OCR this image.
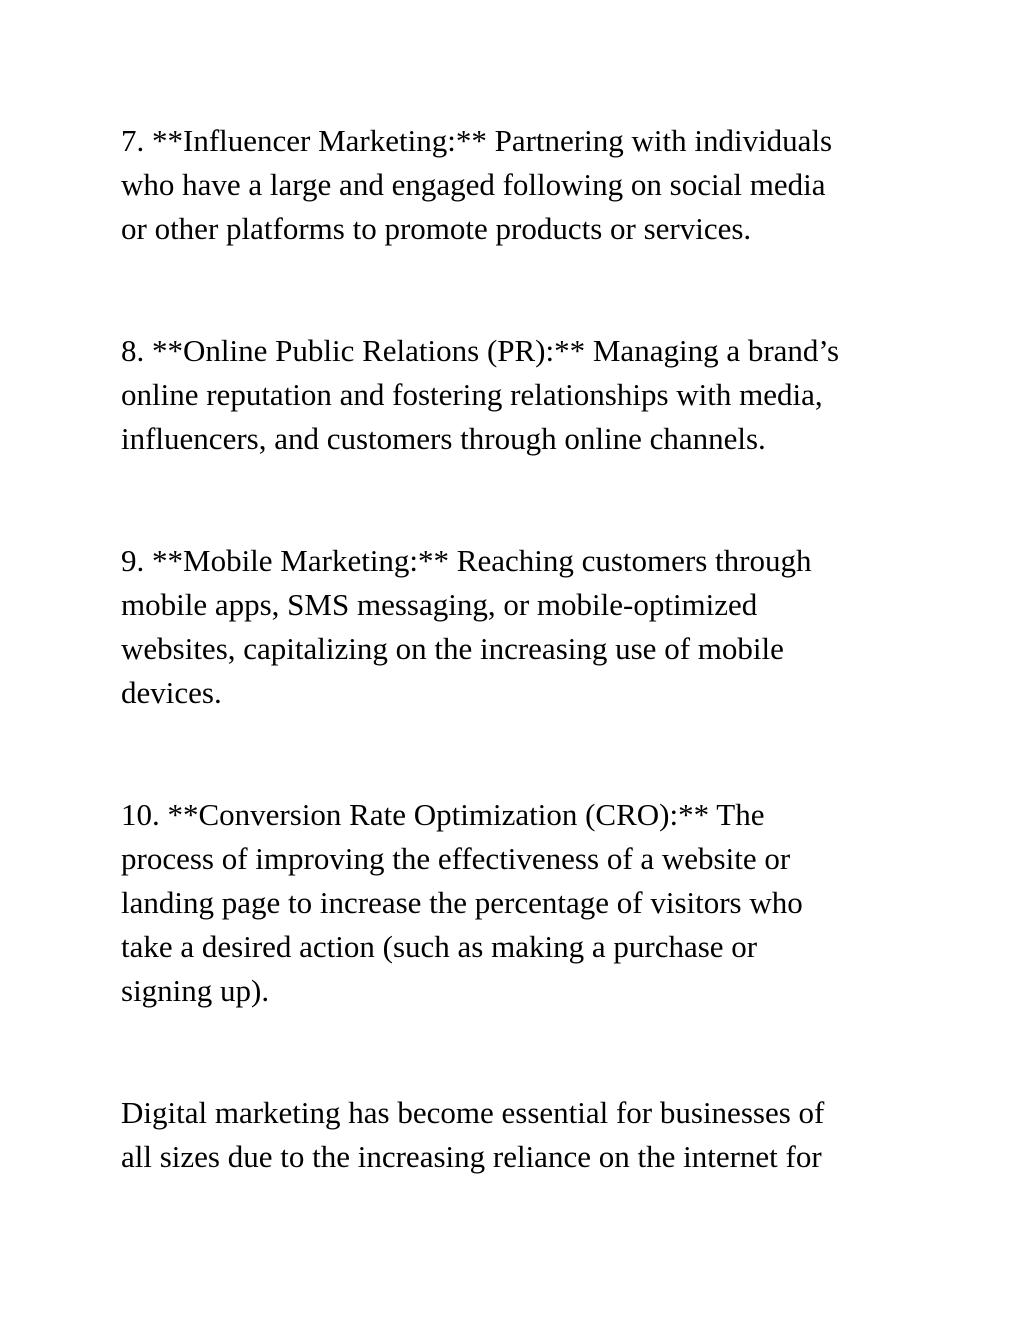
7. **Influencer Marketing:** Partnering with individuals
who have a large and engaged following on social media
or other platforms to promote products or services.

8. **Online Public Relations (PR):** Managing a brand’s
online reputation and fostering relationships with media,
influencers, and customers through online channels.

9. **Mobile Marketing:** Reaching customers through
mobile apps, SMS messaging, or mobile-optimized
websites, capitalizing on the increasing use of mobile
devices.

10. **Conversion Rate Optimization (CRO):** The
process of improving the effectiveness of a website or
landing page to increase the percentage of visitors who
take a desired action (such as making a purchase or
signing up).

Digital marketing has become essential for businesses of
all sizes due to the increasing reliance on the internet for
